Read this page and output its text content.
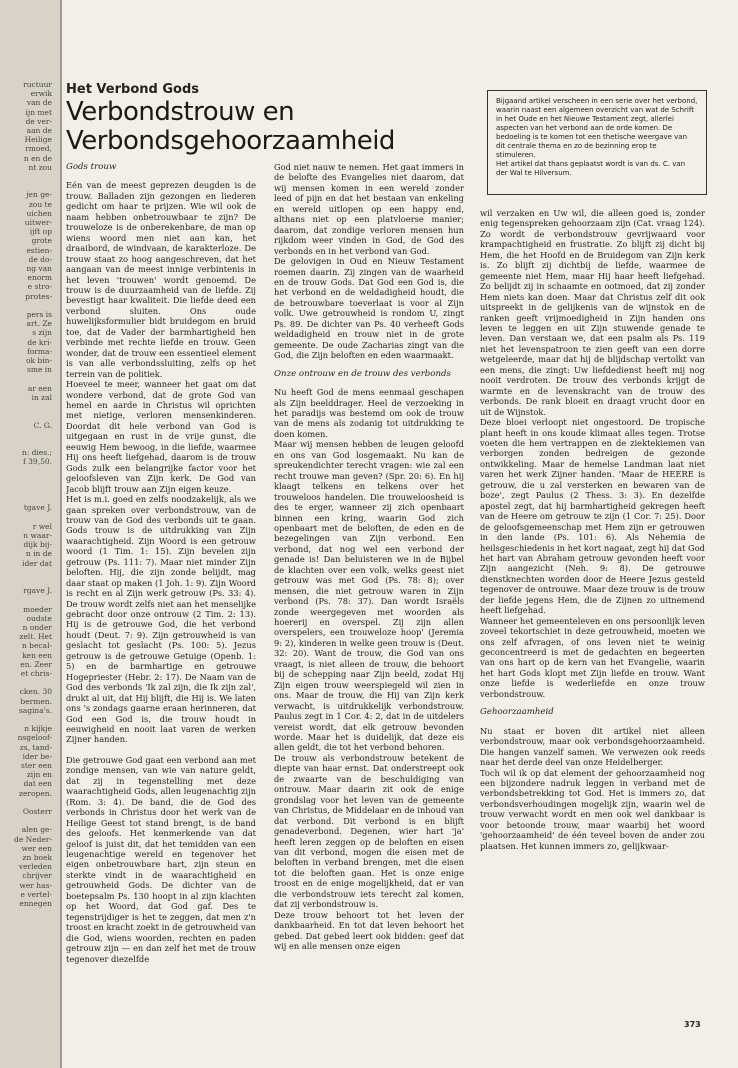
ructuur
erwik
van de
ijn met
de ver-
aan de
Heilige
rmoed,
n en de
nt zou

jen ge-
zou te
uichen
uitwer-
ijft op
grote
estien-
de do-
ng van
enorm
e stro-
protes-

pers is
art. Ze
s zijn
de kri-
forma-
ok bin-
sme in

ar een
in zal

C. G.

n: dies.;
f 39,50.

tgave J.

r wel
n waar-
dijk bij-
n in de
ider dat

rgave J.

moeder
oudste
n onder
zelt. Het
n becal-
ken een
en. Zeer
et chris-

cken. 30
bermen.
sagina's.

n kijkje
nsgeloof-
zs, tand-
ider be-
ster een
zijn en
dat een
zeropen.

Oosterr

alen ge-
de Neder-
wer een
zn boek
verleden
chrijver
wer has-
e vertel-
ennegen
Het Verbond Gods
Verbondstrouw en Verbondsgehoorzaamheid

Bijgaand artikel verscheen in een serie over het verbond, waarin naast een algemeen overzicht van wat de Schrift in het Oude en het Nieuwe Testament zegt, allerlei aspecten van het verbond aan de orde komen. De bedoeling is te komen tot een thetische weergave van dit centrale thema en zo de bezinning erop te stimuleren.

Het artikel dat thans geplaatst wordt is van ds. C. van der Wal te Hilversum.

Gods trouw

Eén van de meest geprezen deugden is de trouw. Balladen zijn gezongen en liederen gedicht om haar te prijzen. Wie wil ook de naam hebben onbetrouwbaar te zijn? De trouweloze is de onberekenbare, de man op wiens woord men niet aan kan, het draaibord, de windvaan, de karakterloze. De trouw staat zo hoog aangeschreven, dat het aangaan van de meest innige verbintenis in het leven 'trouwen' wordt genoemd. De trouw is de duurzaamheid van de liefde. Zij bevestigt haar kwaliteit. Die liefde deed een verbond sluiten. Ons oude huwelijksformulier bidt bruidegom en bruid toe, dat de Vader der barmhartigheid hen verbinde met rechte liefde en trouw. Geen wonder, dat de trouw een essentieel element is van alle verbondssluiting, zelfs op het terrein van de politiek.

Hoeveel te meer, wanneer het gaat om dat wondere verbond, dat de grote God van hemel en aarde in Christus wil oprichten met nietige, verloren mensenkinderen. Doordat dit hele verbond van God is uitgegaan en rust in de vrije gunst, die eeuwig Hem bewoog, in die liefde, waarmee Hij ons heeft liefgehad, daarom is de trouw Gods zulk een belangrijke factor voor het geloofsleven van Zijn kerk. De God van Jacob blijft trouw aan Zijn eigen keuze.

Het is m.i. goed en zelfs noodzakelijk, als we gaan spreken over verbondstrouw, van de trouw van de God des verbonds uit te gaan. Gods trouw is de uitdrukking van Zijn waarachtigheid. Zijn Woord is een getrouw woord (1 Tim. 1: 15). Zijn bevelen zijn getrouw (Ps. 111: 7). Maar niet minder Zijn beloften. Hij, die zijn zonde belijdt, mag daar staat op maken (1 Joh. 1: 9). Zijn Woord is recht en al Zijn werk getrouw (Ps. 33: 4). De trouw wordt zelfs niet aan het menselijke gebracht door onze ontrouw (2 Tim. 2: 13). Hij is de getrouwe God, die het verbond houdt (Deut. 7: 9). Zijn getrouwheid is van geslacht tot geslacht (Ps. 100: 5). Jezus getrouw is de getrouwe Getuige (Openb. 1: 5) en de barmhartige en getrouwe Hogepriester (Hebr. 2: 17). De Naam van de God des verbonds 'Ik zal zijn, die Ik zijn zal', drukt al uit, dat Hij blijft, die Hij is. We laten ons 's zondags gaarne eraan herinneren, dat God een God is, die trouw houdt in eeuwigheid en nooit laat varen de werken Zijner handen.

Die getrouwe God gaat een verbond aan met zondige mensen, van wie van nature geldt, dat zij in tegenstelling met deze waarachtigheid Gods, allen leugenachtig zijn (Rom. 3: 4). De band, die de God des verbonds in Christus door het werk van de Heilige Geest tot stand brengt, is de band des geloofs. Het kenmerkende van dat geloof is juist dit, dat het temidden van een leugenachtige wereld en tegenover het eigen onbetrouwbare hart, zijn steun en sterkte vindt in de waarachtigheid en getrouwheid Gods. De dichter van de boetepsalm Ps. 130 hoopt in al zijn klachten op het Woord, dat God gaf. Des te tegenstrijdiger is het te zeggen, dat men z'n troost en kracht zoekt in de getrouwheid van die God, wiens woorden, rechten en paden getrouw zijn — en dan zelf het met de trouw tegenover diezelfde

God niet nauw te nemen. Het gaat immers in de belofte des Evangelies niet daarom, dat wij mensen komen in een wereld zonder leed of pijn en dat het bestaan van enkeling en wereld uitlopen op een happy end, althans niet op een platvloerse manier; daarom, dat zondige verloren mensen hun rijkdom weer vinden in God, de God des verbonds en in het verbond van God.

De gelovigen in Oud en Nieuw Testament roemen daarin. Zij zingen van de waarheid en de trouw Gods. Dat God een God is, die het verbond en de weldadigheid houdt, die de betrouwbare toeverlaat is voor al Zijn volk. Uwe getrouwheid is rondom U, zingt Ps. 89. De dichter van Ps. 40 verheeft Gods weldadigheid en trouw niet in de grote gemeente. De oude Zacharias zingt van die God, die Zijn beloften en eden waarmaakt.

Onze ontrouw en de trouw des verbonds

Nu heeft God de mens eenmaal geschapen als Zijn beelddrager. Heel de verzoeking in het paradijs was bestemd om ook de trouw van de mens als zodanig tot uitdrukking te doen komen.

Maar wij mensen hebben de leugen geloofd en ons van God losgemaakt. Nu kan de spreukendichter terecht vragen: wie zal een recht trouwe man geven? (Spr. 20: 6). En hij klaagt telkens en telkens over het trouweloos handelen. Die trouweloosheid is des te erger, wanneer zij zich openbaart binnen een kring, waarin God zich openbaart met de beloften, de eden en de bezegelingen van Zijn verbond. Een verbond, dat nog wel een verbond der genade is! Dan beluisteren we in de Bijbel de klachten over een volk, welks geest niet getrouw was met God (Ps. 78: 8); over mensen, die niet getrouw waren in Zijn verbond (Ps. 78: 37). Dan wordt Israëls zonde weergegeven met woorden als hoererij en overspel. Zij zijn allen overspelers, een trouweloze hoop' (Jeremia 9: 2), kinderen in welke geen trouw is (Deut. 32: 20). Want de trouw, die God van ons vraagt, is niet alleen de trouw, die behoort bij de schepping naar Zijn beeld, zodat Hij Zijn eigen trouw weerspiegeld wil zien in ons. Maar de trouw, die Hij van Zijn kerk verwacht, is uitdrukkelijk verbondstrouw. Paulus zegt in 1 Cor. 4: 2, dat in de uitdelers vereist wordt, dat elk getrouw bevonden worde. Maar het is duidelijk, dat deze eis allen geldt, die tot het verbond behoren.

De trouw als verbondstrouw betekent de diepte van haar ernst. Dat onderstreept ook de zwaarte van de beschuldiging van ontrouw. Maar daarin zit ook de enige grondslag voor het leven van de gemeente van Christus, de Middelaar en de inhoud van dat verbond. Dit verbond is en blijft genadeverbond. Degenen, wier hart 'ja' heeft leren zeggen op de beloften en eisen van dit verbond, mogen die eisen met de beloften in verband brengen, met die eisen tot die beloften gaan. Het is onze enige troost en de enige mogelijkheid, dat er van die verbondstrouw iets terecht zal komen, dat zij verbondstrouw is.

Deze trouw behoort tot het leven der dankbaarheid. En tot dat leven behoort het gebed. Dat gebed leert ook bidden: geef dat wij en alle mensen onze eigen

wil verzaken en Uw wil, die alleen goed is, zonder enig tegenspreken gehoorzaam zijn (Cat. vraag 124). Zo wordt de verbondstrouw gevrijwaard voor krampachtigheid en frustratie. Zo blijft zij dicht bij Hem, die het Hoofd en de Bruidegom van Zijn kerk is. Zo blijft zij dichtbij de liefde, waarmee de gemeente niet Hem, maar Hij haar heeft liefgehad. Zo belijdt zij in schaamte en ootmoed, dat zij zonder Hem niets kan doen. Maar dat Christus zelf dit ook uitspreekt in de gelijkenis van de wijnstok en de ranken geeft vrijmoedigheid in Zijn handen ons leven te leggen en uit Zijn stuwende genade te leven. Dan verstaan we, dat een psalm als Ps. 119 niet het levenspatroon te zien geeft van een dorre wetgeleerde, maar dat hij de blijdschap vertolkt van een mens, die zingt: Uw liefdedienst heeft mij nog nooit verdroten. De trouw des verbonds krijgt de warmte en de levenskracht van de trouw des verbonds. De rank bloeit en draagt vrucht door en uit de Wijnstok.

Deze bloei verloopt niet ongestoord. De tropische plant heeft in ons koude klimaat alles tegen. Trotse voeten die hem vertrappen en de ziektekiemen van verborgen zonden bedreigen de gezonde ontwikkeling. Maar de hemelse Landman laat niet varen het werk Zijner handen. 'Maar de HEERE is getrouw, die u zal versterken en bewaren van de boze', zegt Paulus (2 Thess. 3: 3). En dezelfde apostel zegt, dat hij barmhartigheid gekregen heeft van de Heere om getrouw te zijn (1 Cor. 7: 25). Door de geloofsgemeenschap met Hem zijn er getrouwen in den lande (Ps. 101: 6). Als Nehemia de heilsgeschiedenis in het kort nagaat, zegt hij dat God het hart van Abraham getrouw gevonden heeft voor Zijn aangezicht (Neh. 9: 8). De getrouwe dienstknechten worden door de Heere Jezus gesteld tegenover de ontrouwe. Maar deze trouw is de trouw der liefde jegens Hem, die de Zijnen zo uitnemend heeft liefgehad.

Wanneer het gemeenteleven en ons persoonlijk leven zoveel tekortschiet in deze getrouwheid, moeten we ons zelf afvragen, of ons leven niet te weinig geconcentreerd is met de gedachten en begeerten van ons hart op de kern van het Evangelie, waarin het hart Gods klopt met Zijn liefde en trouw. Want onze liefde is wederliefde en onze trouw verbondstrouw.

Gehoorzaamheid

Nu staat er boven dit artikel niet alleen verbondstrouw, maar ook verbondsgehoorzaamheid. Die hangen vanzelf samen. We verwezen ook reeds naar het derde deel van onze Heidelberger.

Toch wil ik op dat element der gehoorzaamheid nog een bijzondere nadruk leggen in verband met de verbondsbetrekking tot God. Het is immers zo, dat verbondsverhoudingen mogelijk zijn, waarin wel de trouw verwacht wordt en men ook wel dankbaar is voor betoonde trouw, maar waarbij het woord 'gehoorzaamheid' de één teveel boven de ander zou plaatsen. Het kunnen immers zo, gelijkwaar-

373
